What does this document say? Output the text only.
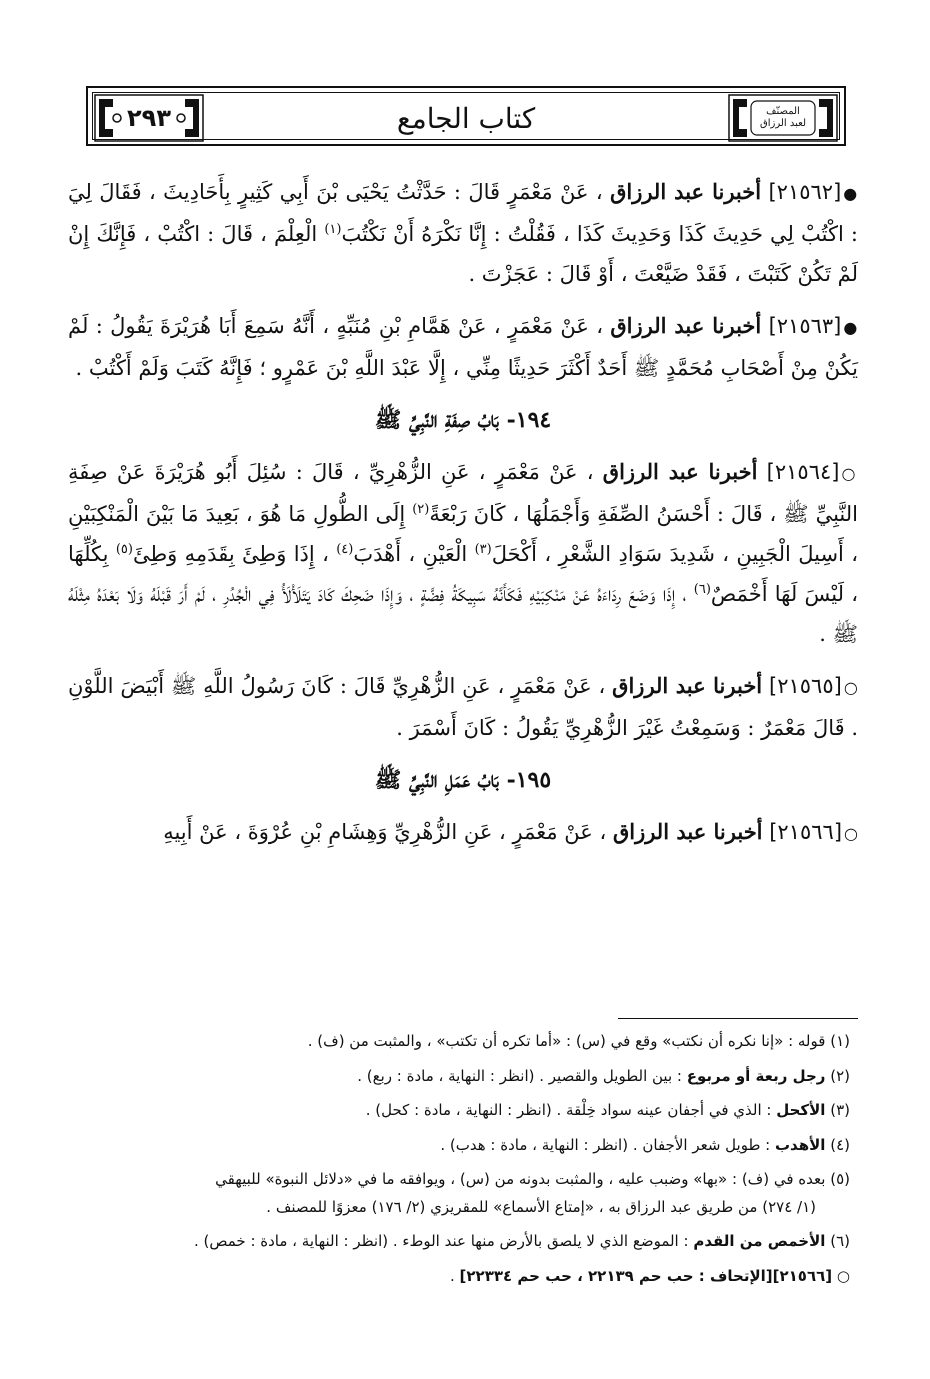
٢٩٣	كتاب الجامع	المصنّف
لعبد الرزاق

●[٢١٥٦٢] أخبرنا عبد الرزاق ، عَنْ مَعْمَرٍ قَالَ : حَدَّثْتُ يَحْيَى بْنَ أَبِي كَثِيرٍ بِأَحَادِيثَ ، فَقَالَ لِيَ : اكْتُبْ لِي حَدِيثَ كَذَا وَحَدِيثَ كَذَا ، فَقُلْتُ : إِنَّا نَكْرَهُ أَنْ نَكْتُبَ$^{(١)}$ الْعِلْمَ ، قَالَ : اكْتُبْ ، فَإِنَّكَ إِنْ لَمْ تَكُنْ كَتَبْتَ ، فَقَدْ ضَيَّعْتَ ، أَوْ قَالَ : عَجَزْتَ .

●[٢١٥٦٣] أخبرنا عبد الرزاق ، عَنْ مَعْمَرٍ ، عَنْ هَمَّامِ بْنِ مُنَبِّهٍ ، أَنَّهُ سَمِعَ أَبَا هُرَيْرَةَ يَقُولُ : لَمْ يَكُنْ مِنْ أَصْحَابِ مُحَمَّدٍ ﷺ أَحَدٌ أَكْثَرَ حَدِيثًا مِنِّي ، إِلَّا عَبْدَ اللَّهِ بْنَ عَمْرٍو ؛ فَإِنَّهُ كَتَبَ وَلَمْ أَكْتُبْ .

١٩٤- بَابُ صِفَةِ النَّبِيِّ ﷺ

○[٢١٥٦٤] أخبرنا عبد الرزاق ، عَنْ مَعْمَرٍ ، عَنِ الزُّهْرِيِّ ، قَالَ : سُئِلَ أَبُو هُرَيْرَةَ عَنْ صِفَةِ النَّبِيِّ ﷺ ، قَالَ : أَحْسَنُ الصِّفَةِ وَأَجْمَلُهَا ، كَانَ رَبْعَةً$^{(٢)}$ إِلَى الطُّولِ مَا هُوَ ، بَعِيدَ مَا بَيْنَ الْمَنْكِبَيْنِ ، أَسِيلَ الْجَبِينِ ، شَدِيدَ سَوَادِ الشَّعْرِ ، أَكْحَلَ$^{(٣)}$ الْعَيْنِ ، أَهْدَبَ$^{(٤)}$ ، إِذَا وَطِئَ بِقَدَمِهِ وَطِئَ$^{(٥)}$ بِكُلِّهَا ، لَيْسَ لَهَا أَخْمَصٌ$^{(٦)}$ ، إِذَا وَضَعَ رِدَاءَهُ عَنْ مَنْكِبَيْهِ فَكَأَنَّهُ سَبِيكَةُ فِضَّةٍ ، وَإِذَا ضَحِكَ كَادَ يَتَلَأْلَأُ فِي الْجُدُرِ ، لَمْ أَرَ قَبْلَهُ وَلَا بَعْدَهُ مِثْلَهُ ﷺ .

○[٢١٥٦٥] أخبرنا عبد الرزاق ، عَنْ مَعْمَرٍ ، عَنِ الزُّهْرِيِّ قَالَ : كَانَ رَسُولُ اللَّهِ ﷺ أَبْيَضَ اللَّوْنِ . قَالَ مَعْمَرٌ : وَسَمِعْتُ غَيْرَ الزُّهْرِيِّ يَقُولُ : كَانَ أَسْمَرَ .

١٩٥- بَابُ عَمَلِ النَّبِيِّ ﷺ

○[٢١٥٦٦] أخبرنا عبد الرزاق ، عَنْ مَعْمَرٍ ، عَنِ الزُّهْرِيِّ وَهِشَامِ بْنِ عُرْوَةَ ، عَنْ أَبِيهِ

(١) قوله : «إنا نكره أن نكتب» وقع في (س) : «أما تكره أن تكتب» ، والمثبت من (ف) .

(٢) رجل ربعة أو مربوع : بين الطويل والقصير . (انظر : النهاية ، مادة : ربع) .

(٣) الأكحل : الذي في أجفان عينه سواد خِلْقة . (انظر : النهاية ، مادة : كحل) .

(٤) الأهدب : طويل شعر الأجفان . (انظر : النهاية ، مادة : هدب) .

(٥) بعده في (ف) : «بها» وضبب عليه ، والمثبت بدونه من (س) ، ويوافقه ما في «دلائل النبوة» للبيهقي

(١/ ٢٧٤) من طريق عبد الرزاق به ، «إمتاع الأسماع» للمقريزي (٢/ ١٧٦) معزوًا للمصنف .

(٦) الأخمص من القدم : الموضع الذي لا يلصق بالأرض منها عند الوطء . (انظر : النهاية ، مادة : خمص) .

○ [٢١٥٦٦][الإتحاف : حب حم ٢٢١٣٩ ، حب حم ٢٢٣٣٤] .
